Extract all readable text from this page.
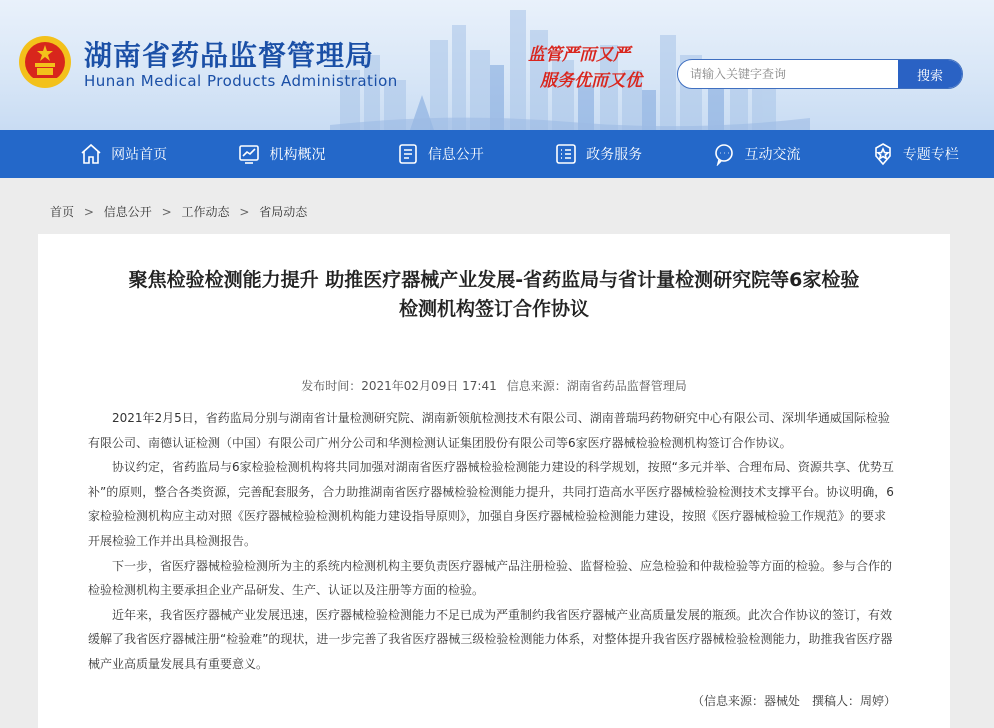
湖南省药品监督管理局
Hunan Medical Products Administration
监管严而又严
服务优而又优
请输入关键字查询	搜索
网站首页	机构概况	信息公开	政务服务	互动交流	专题专栏
首页 > 信息公开 > 工作动态 > 省局动态
聚焦检验检测能力提升 助推医疗器械产业发展-省药监局与省计量检测研究院等6家检验
检测机构签订合作协议
发布时间：2021年02月09日 17:41 信息来源：湖南省药品监督管理局

2021年2月5日，省药监局分别与湖南省计量检测研究院、湖南新领航检测技术有限公司、湖南普瑞玛药物研究中心有限公司、深圳华通威国际检验有限公司、南德认证检测（中国）有限公司广州分公司和华测检测认证集团股份有限公司等6家医疗器械检验检测机构签订合作协议。

协议约定，省药监局与6家检验检测机构将共同加强对湖南省医疗器械检验检测能力建设的科学规划，按照“多元并举、合理布局、资源共享、优势互补”的原则，整合各类资源，完善配套服务，合力助推湖南省医疗器械检验检测能力提升，共同打造高水平医疗器械检验检测技术支撑平台。协议明确，6家检验检测机构应主动对照《医疗器械检验检测机构能力建设指导原则》，加强自身医疗器械检验检测能力建设，按照《医疗器械检验工作规范》的要求开展检验工作并出具检测报告。

下一步，省医疗器械检验检测所为主的系统内检测机构主要负责医疗器械产品注册检验、监督检验、应急检验和仲裁检验等方面的检验。参与合作的检验检测机构主要承担企业产品研发、生产、认证以及注册等方面的检验。

近年来，我省医疗器械产业发展迅速，医疗器械检验检测能力不足已成为严重制约我省医疗器械产业高质量发展的瓶颈。此次合作协议的签订，有效缓解了我省医疗器械注册“检验难”的现状，进一步完善了我省医疗器械三级检验检测能力体系，对整体提升我省医疗器械检验检测能力，助推我省医疗器械产业高质量发展具有重要意义。

（信息来源：器械处　撰稿人：周婷）
